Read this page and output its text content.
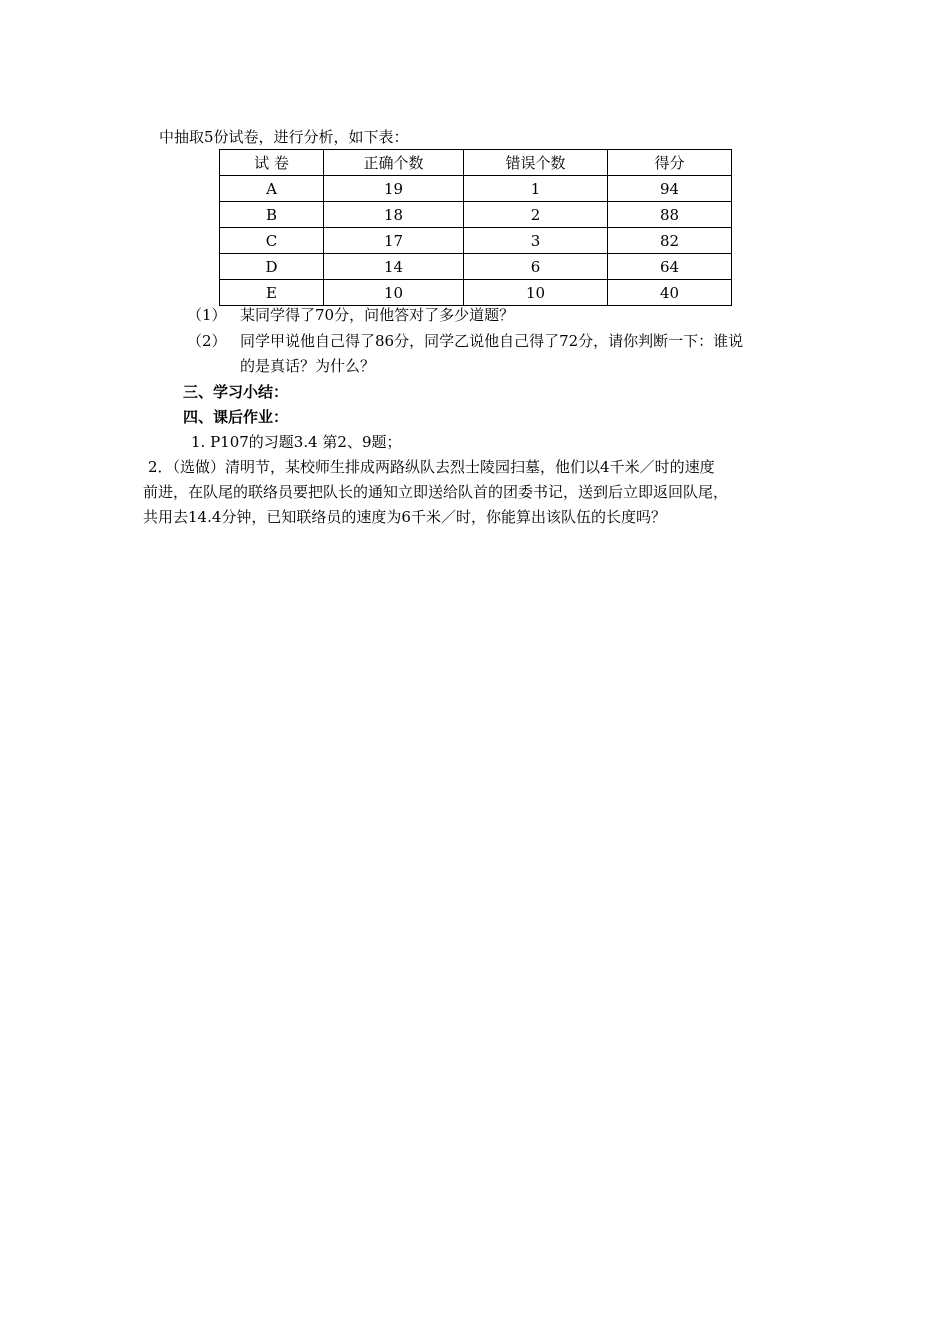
中抽取5份试卷，进行分析，如下表：
试 卷	正确个数	错误个数	得分
A	19	1	94
B	18	2	88
C	17	3	82
D	14	6	64
E	10	10	40
（1） 某同学得了70分，问他答对了多少道题？
（2） 同学甲说他自己得了86分，同学乙说他自己得了72分，请你判断一下：谁说
的是真话？为什么？
三、学习小结：
四、课后作业：
1. P107的习题3.4 第2、9题；
2．（选做）清明节，某校师生排成两路纵队去烈士陵园扫墓，他们以4千米／时的速度
前进，在队尾的联络员要把队长的通知立即送给队首的团委书记，送到后立即返回队尾，
共用去14.4分钟，已知联络员的速度为6千米／时，你能算出该队伍的长度吗？
